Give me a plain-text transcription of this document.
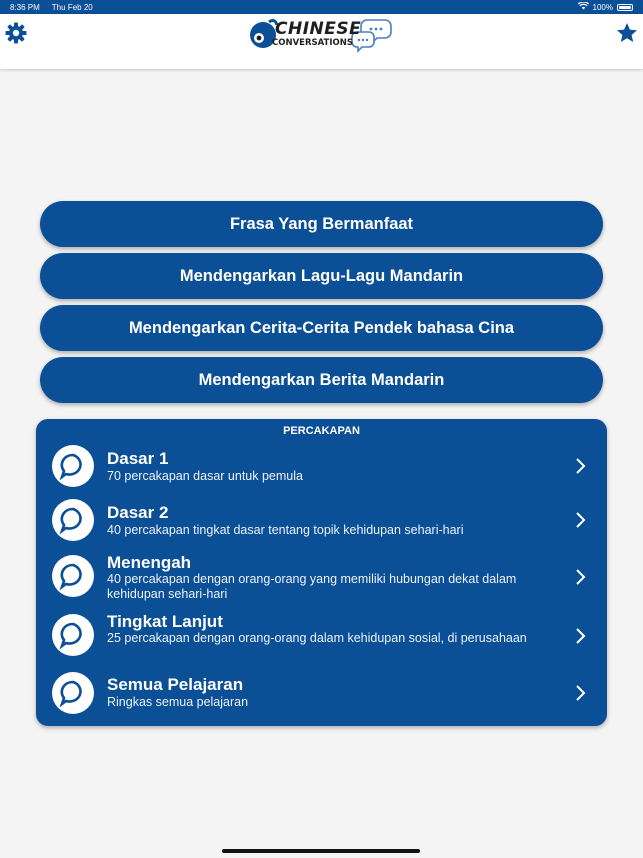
8:36 PM Thu Feb 20	100%
CHINESE
CONVERSATIONS
Frasa Yang Bermanfaat
Mendengarkan Lagu-Lagu Mandarin
Mendengarkan Cerita-Cerita Pendek bahasa Cina
Mendengarkan Berita Mandarin
PERCAKAPAN
Dasar 1
70 percakapan dasar untuk pemula
Dasar 2
40 percakapan tingkat dasar tentang topik kehidupan sehari-hari
Menengah
40 percakapan dengan orang-orang yang memiliki hubungan dekat dalam kehidupan sehari-hari
Tingkat Lanjut
25 percakapan dengan orang-orang dalam kehidupan sosial, di perusahaan
Semua Pelajaran
Ringkas semua pelajaran
